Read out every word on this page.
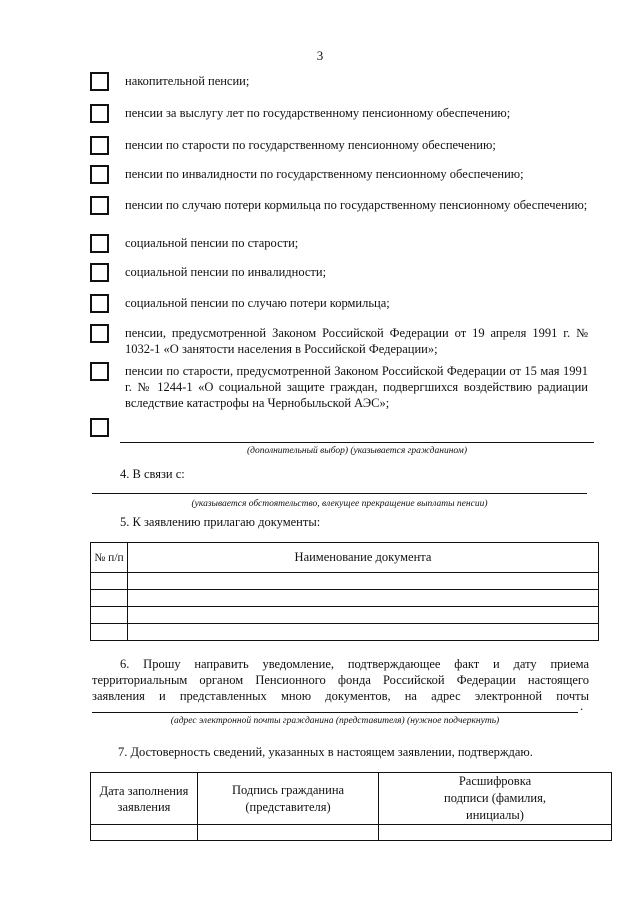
3
накопительной пенсии;
пенсии за выслугу лет по государственному пенсионному обеспечению;
пенсии по старости по государственному пенсионному обеспечению;
пенсии по инвалидности по государственному пенсионному обеспечению;
пенсии по случаю потери кормильца по государственному пенсионному обеспечению;
социальной пенсии по старости;
социальной пенсии по инвалидности;
социальной пенсии по случаю потери кормильца;
пенсии, предусмотренной Законом Российской Федерации от 19 апреля 1991 г. № 1032-1 «О занятости населения в Российской Федерации»;
пенсии по старости, предусмотренной Законом Российской Федерации от 15 мая 1991 г. № 1244-1 «О социальной защите граждан, подвергшихся воздействию радиации вследствие катастрофы на Чернобыльской АЭС»;
(дополнительный выбор) (указывается гражданином)
4. В связи с:
(указывается обстоятельство, влекущее прекращение выплаты пенсии)
5. К заявлению прилагаю документы:
№ п/п	Наименование документа

6. Прошу направить уведомление, подтверждающее факт и дату приема территориальным органом Пенсионного фонда Российской Федерации настоящего заявления и представленных мною документов, на адрес электронной почты
.
(адрес электронной почты гражданина (представителя) (нужное подчеркнуть)
7. Достоверность сведений, указанных в настоящем заявлении, подтверждаю.
Дата заполнения заявления	Подпись гражданина (представителя)	Расшифровка подписи (фамилия, инициалы)
